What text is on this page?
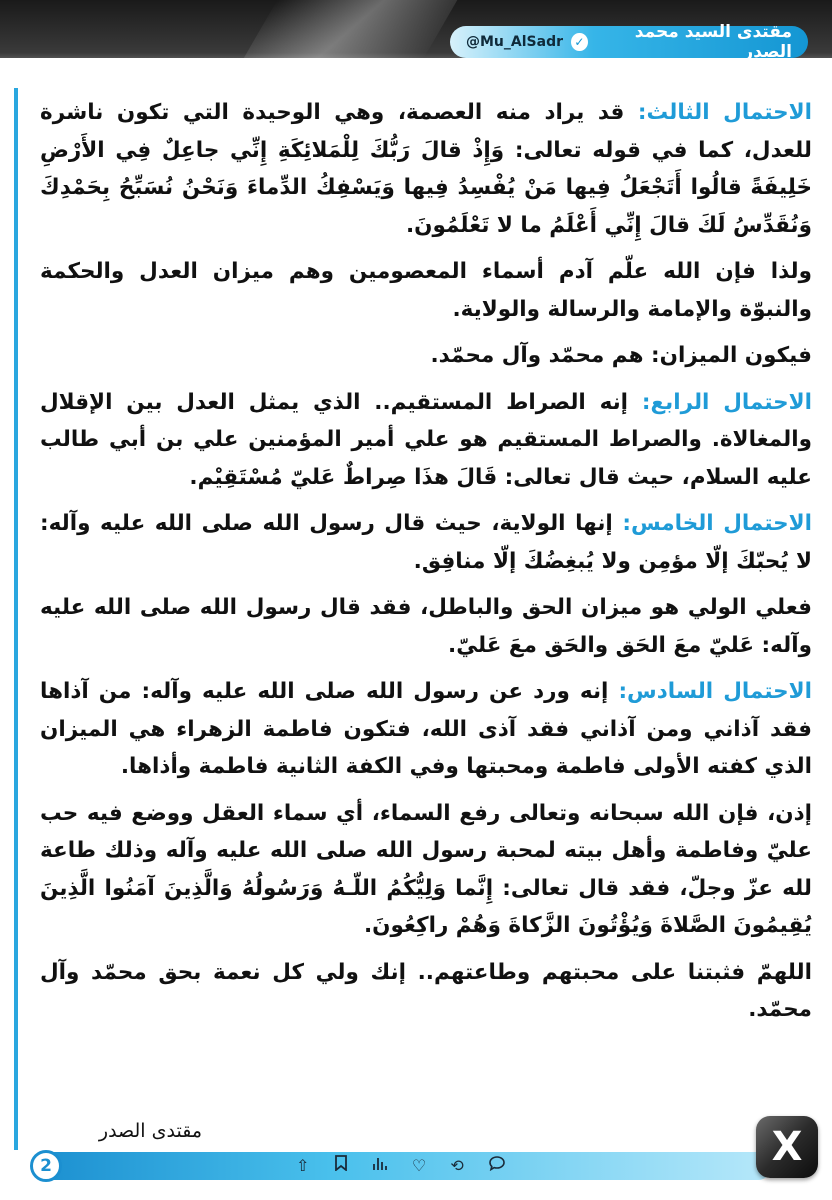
@Mu_AlSadr ✓	مقتدى السيد محمد الصدر

الاحتمال الثالث: قد يراد منه العصمة، وهي الوحيدة التي تكون ناشرة للعدل، كما في قوله تعالى: وَإِذْ قالَ رَبُّكَ لِلْمَلائِكَةِ إِنِّي جاعِلٌ فِي الأَرْضِ خَلِيفَةً قالُوا أَتَجْعَلُ فِيها مَنْ يُفْسِدُ فِيها وَيَسْفِكُ الدِّماءَ وَنَحْنُ نُسَبِّحُ بِحَمْدِكَ وَنُقَدِّسُ لَكَ قالَ إِنِّي أَعْلَمُ ما لا تَعْلَمُونَ.

ولذا فإن الله علّم آدم أسماء المعصومين وهم ميزان العدل والحكمة والنبوّة والإمامة والرسالة والولاية.

فيكون الميزان: هم محمّد وآل محمّد.

الاحتمال الرابع: إنه الصراط المستقيم.. الذي يمثل العدل بين الإقلال والمغالاة. والصراط المستقيم هو علي أمير المؤمنين علي بن أبي طالب عليه السلام، حيث قال تعالى: قَالَ هذَا صِراطٌ عَليّ مُسْتَقِيْم.

الاحتمال الخامس: إنها الولاية، حيث قال رسول الله صلى الله عليه وآله: لا يُحبّكَ إلّا مؤمِن ولا يُبغِضُكَ إلّا منافِق.

فعلي الولي هو ميزان الحق والباطل، فقد قال رسول الله صلى الله عليه وآله: عَليّ معَ الحَق والحَق معَ عَليّ.

الاحتمال السادس: إنه ورد عن رسول الله صلى الله عليه وآله: من آذاها فقد آذاني ومن آذاني فقد آذى الله، فتكون فاطمة الزهراء هي الميزان الذي كفته الأولى فاطمة ومحبتها وفي الكفة الثانية فاطمة وأذاها.

إذن، فإن الله سبحانه وتعالى رفع السماء، أي سماء العقل ووضع فيه حب عليّ وفاطمة وأهل بيته لمحبة رسول الله صلى الله عليه وآله وذلك طاعة لله عزّ وجلّ، فقد قال تعالى: إِنَّما وَلِيُّكُمُ اللّـهُ وَرَسُولُهُ وَالَّذِينَ آمَنُوا الَّذِينَ يُقِيمُونَ الصَّلاةَ وَيُؤْتُونَ الزَّكاةَ وَهُمْ راكِعُونَ.

اللهمّ فثبتنا على محبتهم وطاعتهم.. إنك ولي كل نعمة بحق محمّد وآل محمّد.

مقتدى الصدر
2	⇧	♡ ⟲	X
